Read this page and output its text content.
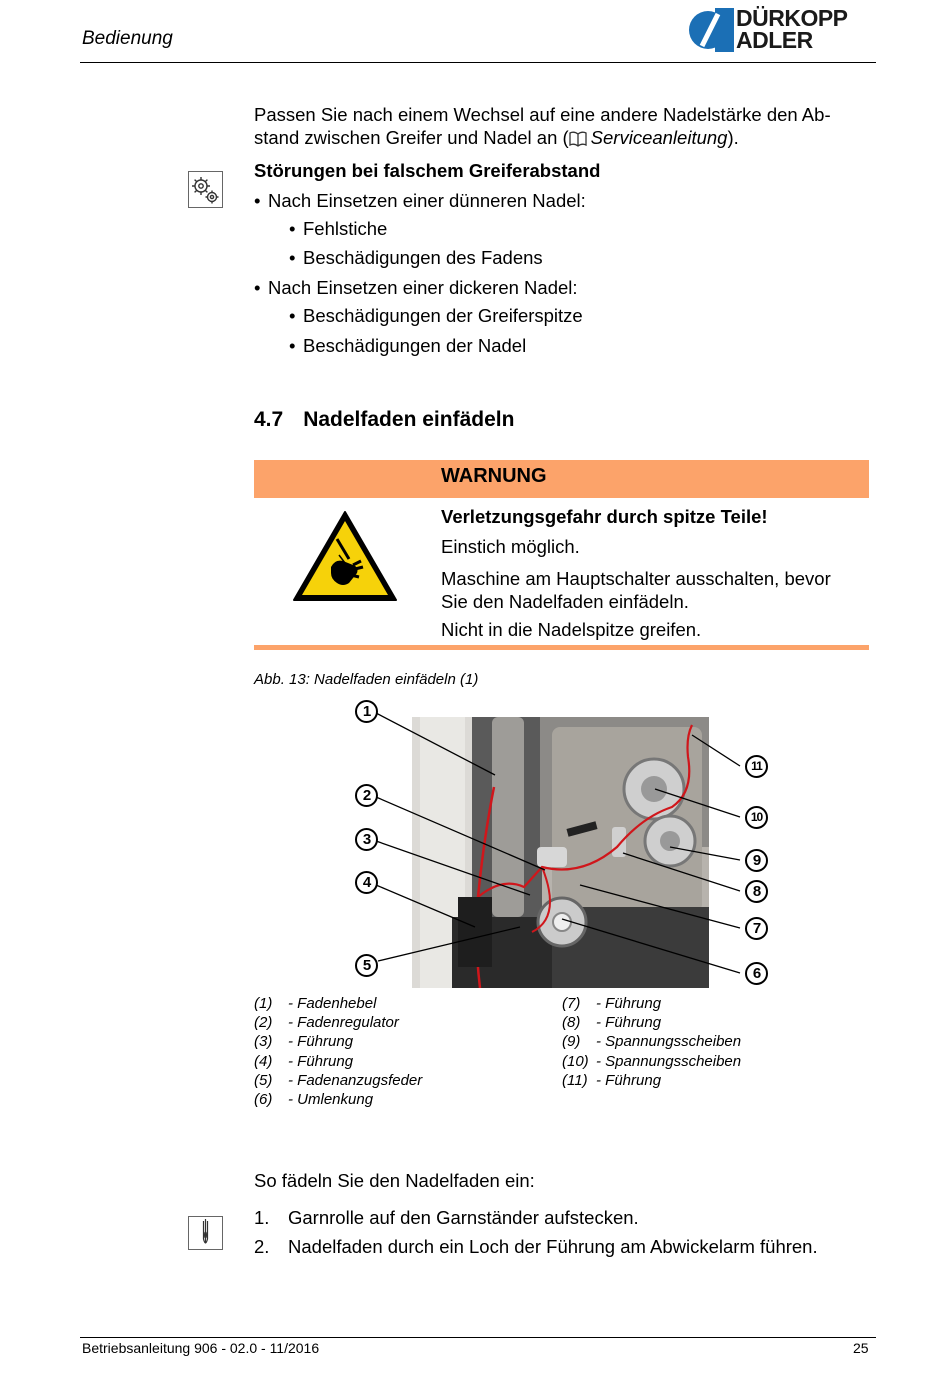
Bedienung
DÜRKOPP
ADLER
Passen Sie nach einem Wechsel auf eine andere Nadelstärke den Ab-
stand zwischen Greifer und Nadel an ( Serviceanleitung).
Störungen bei falschem Greiferabstand
• Nach Einsetzen einer dünneren Nadel:
• Fehlstiche
• Beschädigungen des Fadens
• Nach Einsetzen einer dickeren Nadel:
• Beschädigungen der Greiferspitze
• Beschädigungen der Nadel
4.7 Nadelfaden einfädeln
WARNUNG
Verletzungsgefahr durch spitze Teile!
Einstich möglich.
Maschine am Hauptschalter ausschalten, bevor
Sie den Nadelfaden einfädeln.
Nicht in die Nadelspitze greifen.
Abb. 13: Nadelfaden einfädeln (1)
1
2
3
4
5	6
7
8
9
10
11
(1) - Fadenhebel
(2) - Fadenregulator
(3) - Führung
(4) - Führung
(5) - Fadenanzugsfeder
(6) - Umlenkung
(7) - Führung
(8) - Führung
(9) - Spannungsscheiben
(10) - Spannungsscheiben
(11) - Führung
So fädeln Sie den Nadelfaden ein:
1. Garnrolle auf den Garnständer aufstecken.
2. Nadelfaden durch ein Loch der Führung am Abwickelarm führen.
Betriebsanleitung 906 - 02.0 - 11/2016	25
